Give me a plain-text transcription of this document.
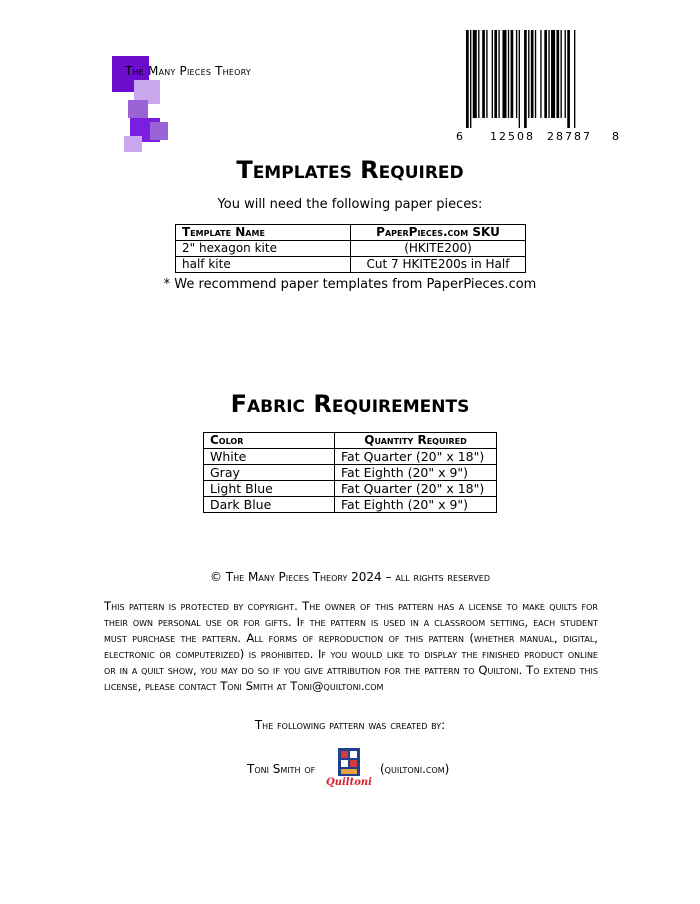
The Many Pieces Theory
6 12508 28787 8
Templates Required
You will need the following paper pieces:
Template Name	PaperPieces.com SKU
2" hexagon kite	(HKITE200)
half kite	Cut 7 HKITE200s in Half
* We recommend paper templates from PaperPieces.com
Fabric Requirements
Color	Quantity Required
White	Fat Quarter (20" x 18")
Gray	Fat Eighth (20" x 9")
Light Blue	Fat Quarter (20" x 18")
Dark Blue	Fat Eighth (20" x 9")
© The Many Pieces Theory 2024 – all rights reserved
This pattern is protected by copyright. The owner of this pattern has a license to make quilts for their own personal use or for gifts. If the pattern is used in a classroom setting, each student must purchase the pattern. All forms of reproduction of this pattern (whether manual, digital, electronic or computerized) is prohibited. If you would like to display the finished product online or in a quilt show, you may do so if you give attribution for the pattern to Quiltoni. To extend this license, please contact Toni Smith at Toni@quiltoni.com
The following pattern was created by:
Toni Smith of
Quiltoni
(quiltoni.com)
